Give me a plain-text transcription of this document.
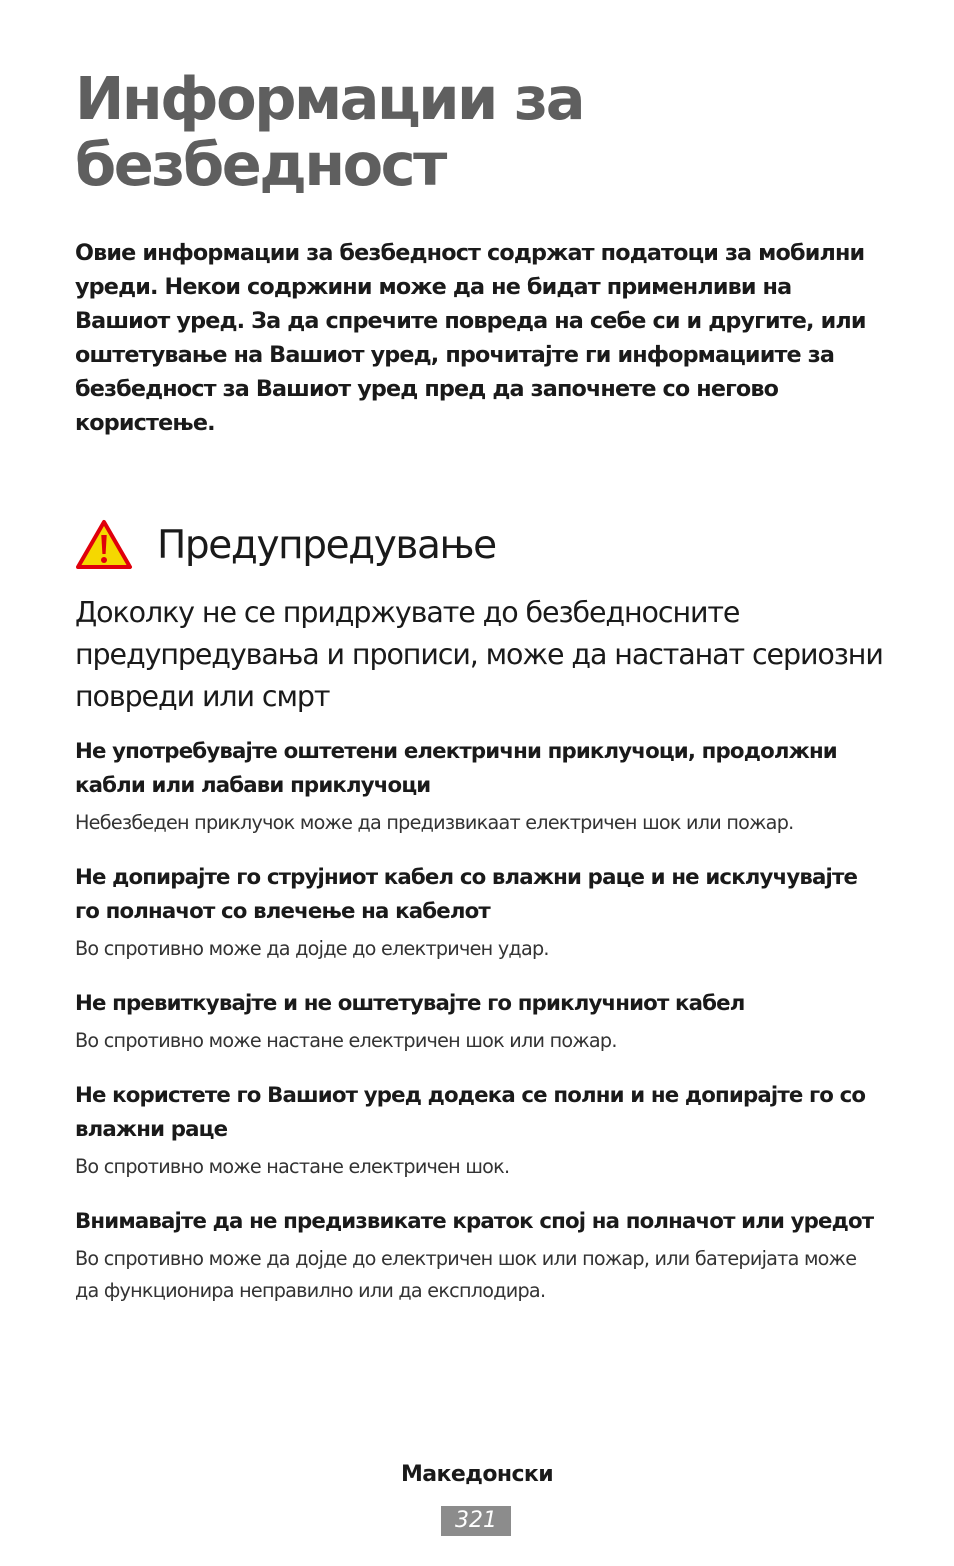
Информации за
безбедност

Овие информации за безбедност содржат податоци за мобилни уреди. Некои содржини може да не бидат применливи на Вашиот уред. За да спречите повреда на себе си и другите, или оштетување на Вашиот уред, прочитајте ги информациите за безбедност за Вашиот уред пред да започнете со негово користење.

Предупредување

Доколку не се придржувате до безбедносните предупредувања и прописи, може да настанат сериозни повреди или смрт

Не употребувајте оштетени електрични приклучоци, продолжни кабли или лабави приклучоци

Небезбеден приклучок може да предизвикаат електричен шок или пожар.

Не допирајте го струјниот кабел со влажни раце и не исклучувајте го полначот со влечење на кабелот

Во спротивно може да дојде до електричен удар.

Не превиткувајте и не оштетувајте го приклучниот кабел

Во спротивно може настане електричен шок или пожар.

Не користете го Вашиот уред додека се полни и не допирајте го со влажни раце

Во спротивно може настане електричен шок.

Внимавајте да не предизвикате краток спој на полначот или уредот

Во спротивно може да дојде до електричен шок или пожар, или батеријата може да функционира неправилно или да експлодира.

Македонски
321
